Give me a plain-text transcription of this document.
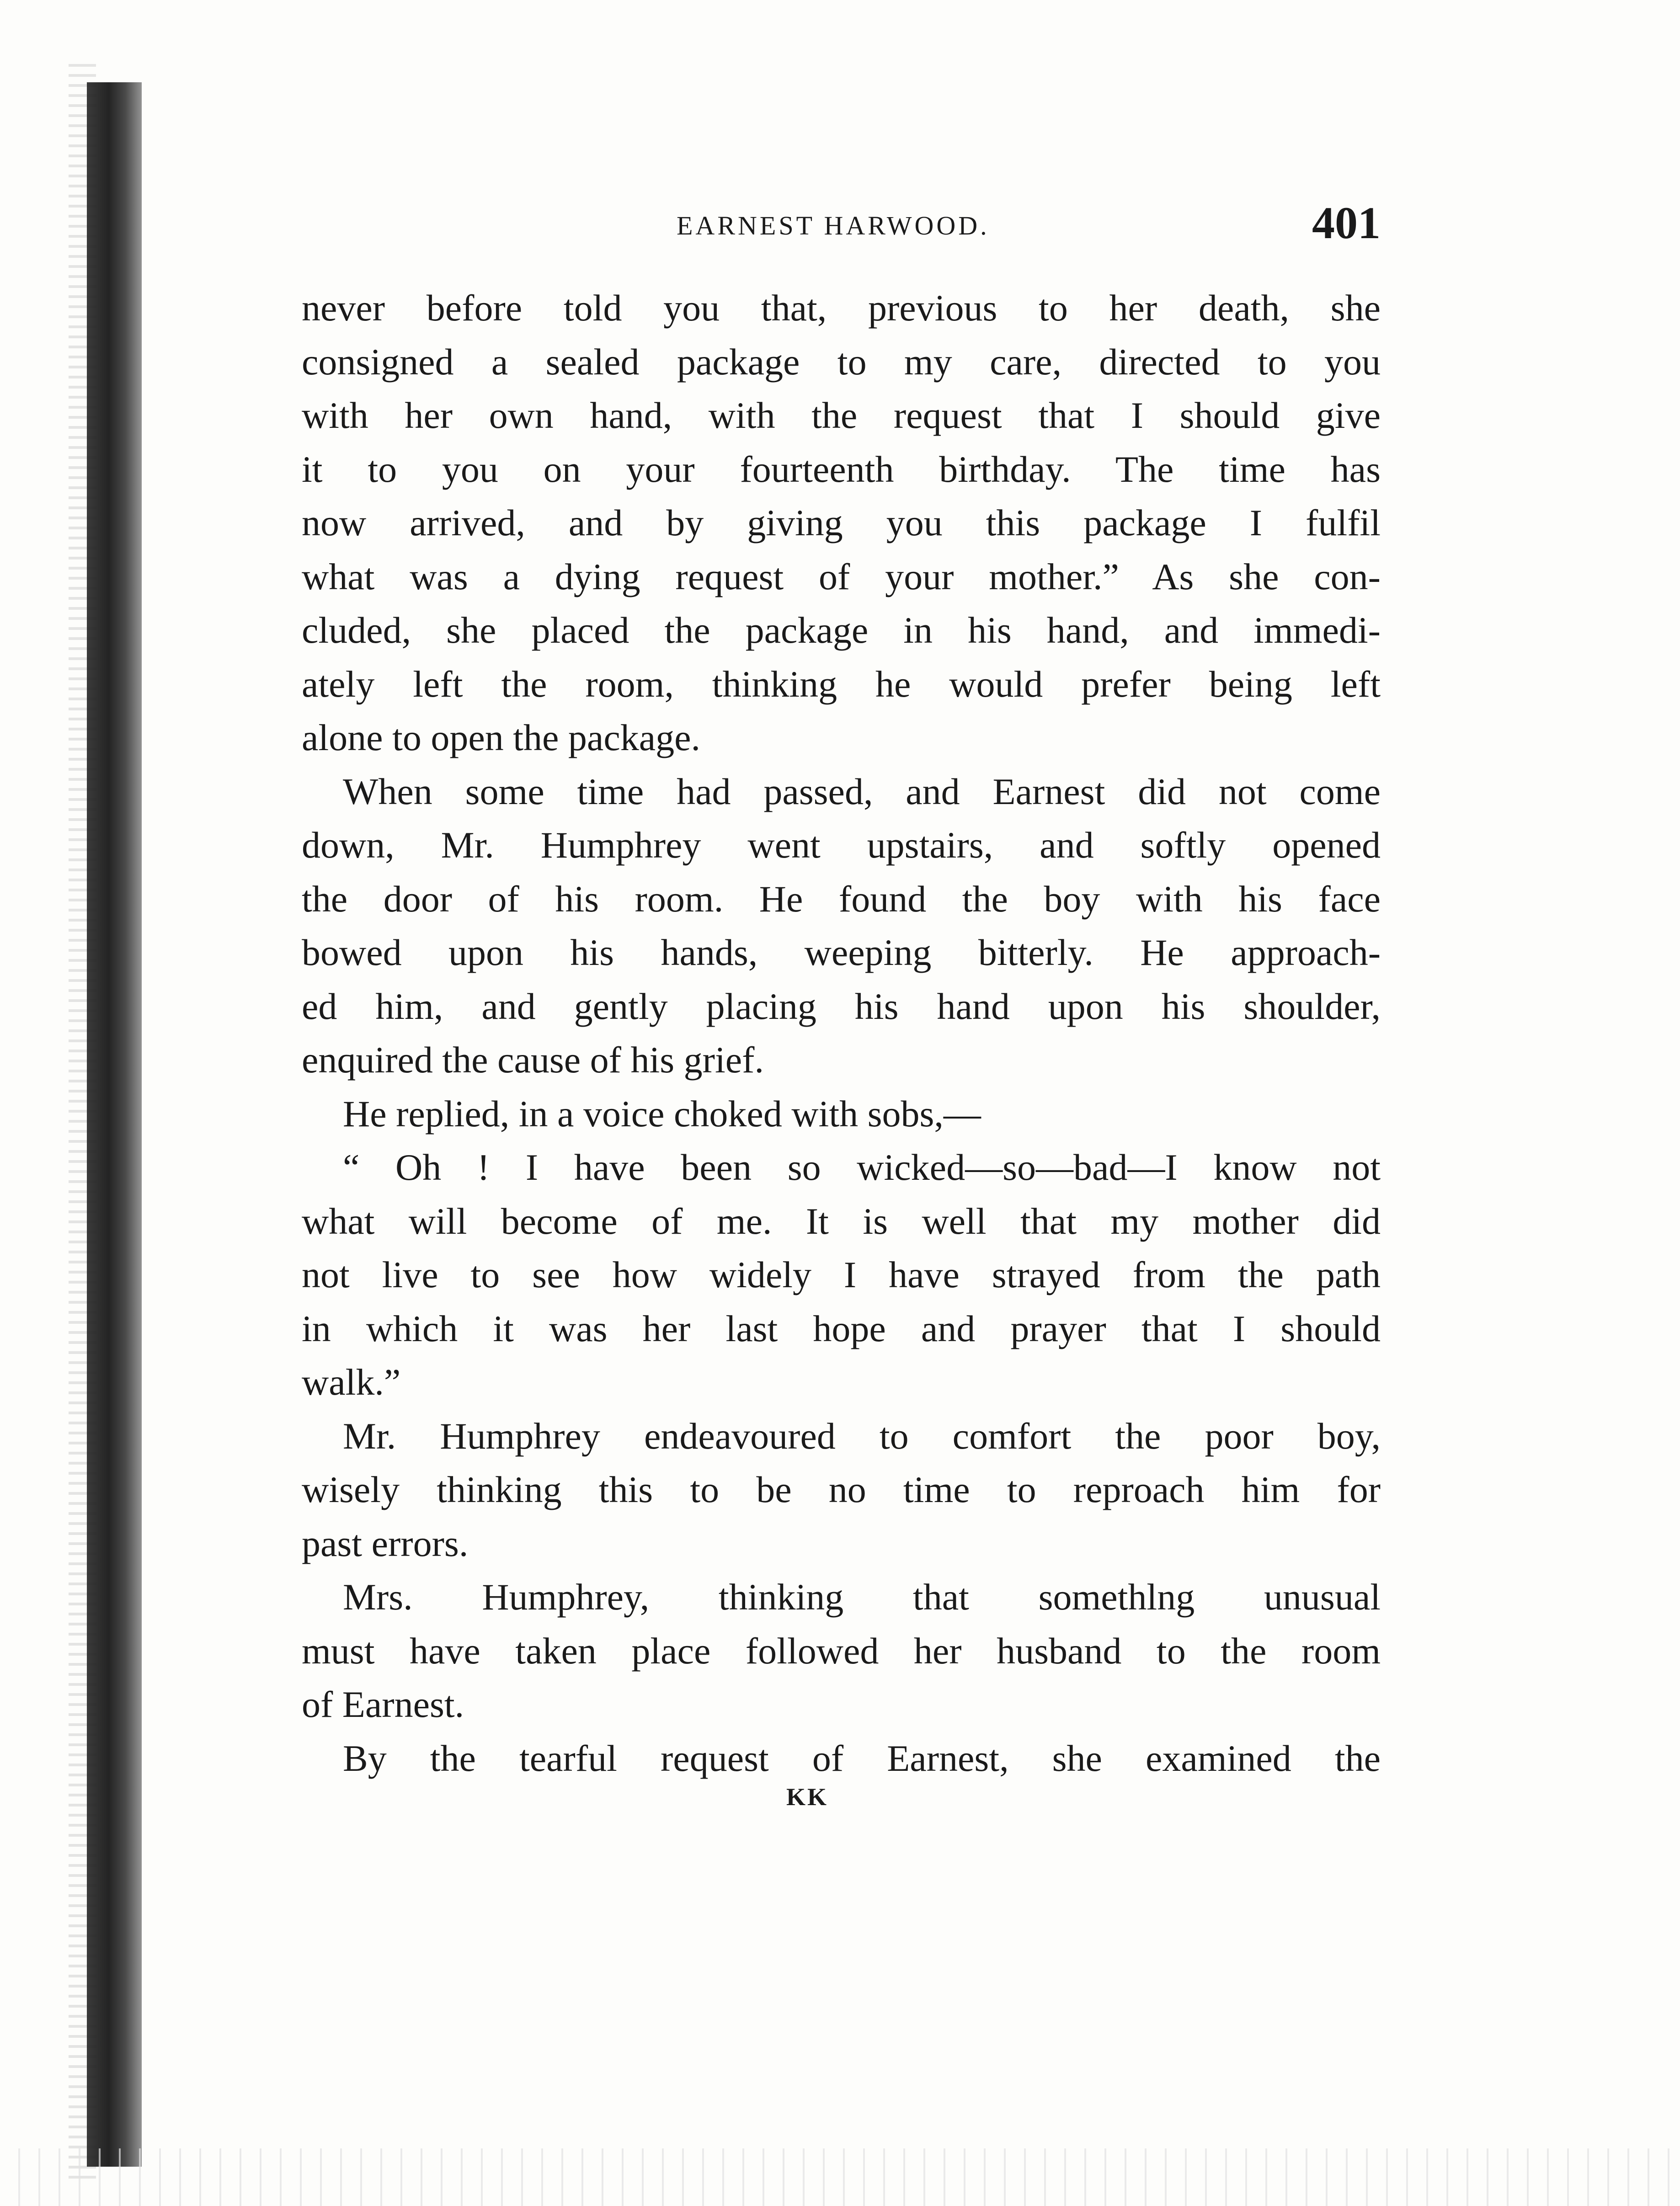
EARNEST HARWOOD.	401
never before told you that, previous to her death, she
consigned a sealed package to my care, directed to you
with her own hand, with the request that I should give
it to you on your fourteenth birthday. The time has
now arrived, and by giving you this package I fulfil
what was a dying request of your mother.” As she con-
cluded, she placed the package in his hand, and immedi-
ately left the room, thinking he would prefer being left
alone to open the package.
When some time had passed, and Earnest did not come
down, Mr. Humphrey went upstairs, and softly opened
the door of his room. He found the boy with his face
bowed upon his hands, weeping bitterly. He approach-
ed him, and gently placing his hand upon his shoulder,
enquired the cause of his grief.
He replied, in a voice choked with sobs,—
“ Oh ! I have been so wicked—so—bad—I know not
what will become of me. It is well that my mother did
not live to see how widely I have strayed from the path
in which it was her last hope and prayer that I should
walk.”
Mr. Humphrey endeavoured to comfort the poor boy,
wisely thinking this to be no time to reproach him for
past errors.
Mrs. Humphrey, thinking that somethlng unusual
must have taken place followed her husband to the room
of Earnest.
By the tearful request of Earnest, she examined the
KK
